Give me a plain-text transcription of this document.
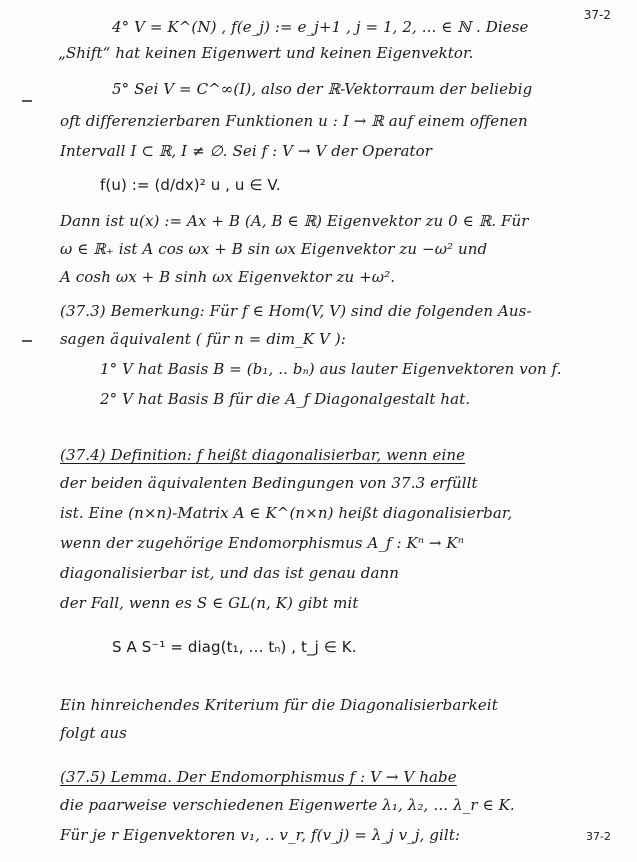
37-2
4° V = K^(N) , f(e_j) := e_j+1 , j = 1, 2, ... ∈ ℕ . Diese
„Shift“ hat keinen Eigenwert und keinen Eigenvektor.
5° Sei V = C^∞(I), also der ℝ-Vektorraum der beliebig
oft differenzierbaren Funktionen u : I → ℝ auf einem offenen
Intervall I ⊂ ℝ, I ≠ ∅. Sei f : V → V der Operator
f(u) := (d/dx)² u , u ∈ V.
Dann ist u(x) := Ax + B (A, B ∈ ℝ) Eigenvektor zu 0 ∈ ℝ. Für
ω ∈ ℝ₊ ist A cos ωx + B sin ωx Eigenvektor zu −ω² und
A cosh ωx + B sinh ωx Eigenvektor zu +ω².
(37.3) Bemerkung: Für f ∈ Hom(V, V) sind die folgenden Aus-
sagen äquivalent ( für n = dim_K V ):
1° V hat Basis B = (b₁, .. bₙ) aus lauter Eigenvektoren von f.
2° V hat Basis B für die A_f Diagonalgestalt hat.
(37.4) Definition: f heißt diagonalisierbar, wenn eine
der beiden äquivalenten Bedingungen von 37.3 erfüllt
ist. Eine (n×n)-Matrix A ∈ K^(n×n) heißt diagonalisierbar,
wenn der zugehörige Endomorphismus A_f : Kⁿ → Kⁿ
diagonalisierbar ist, und das ist genau dann
der Fall, wenn es S ∈ GL(n, K) gibt mit
S A S⁻¹ = diag(t₁, … tₙ) , t_j ∈ K.
Ein hinreichendes Kriterium für die Diagonalisierbarkeit
folgt aus
(37.5) Lemma. Der Endomorphismus f : V → V habe
die paarweise verschiedenen Eigenwerte λ₁, λ₂, … λ_r ∈ K.
Für je r Eigenvektoren v₁, .. v_r, f(v_j) = λ_j v_j, gilt:	37-2
